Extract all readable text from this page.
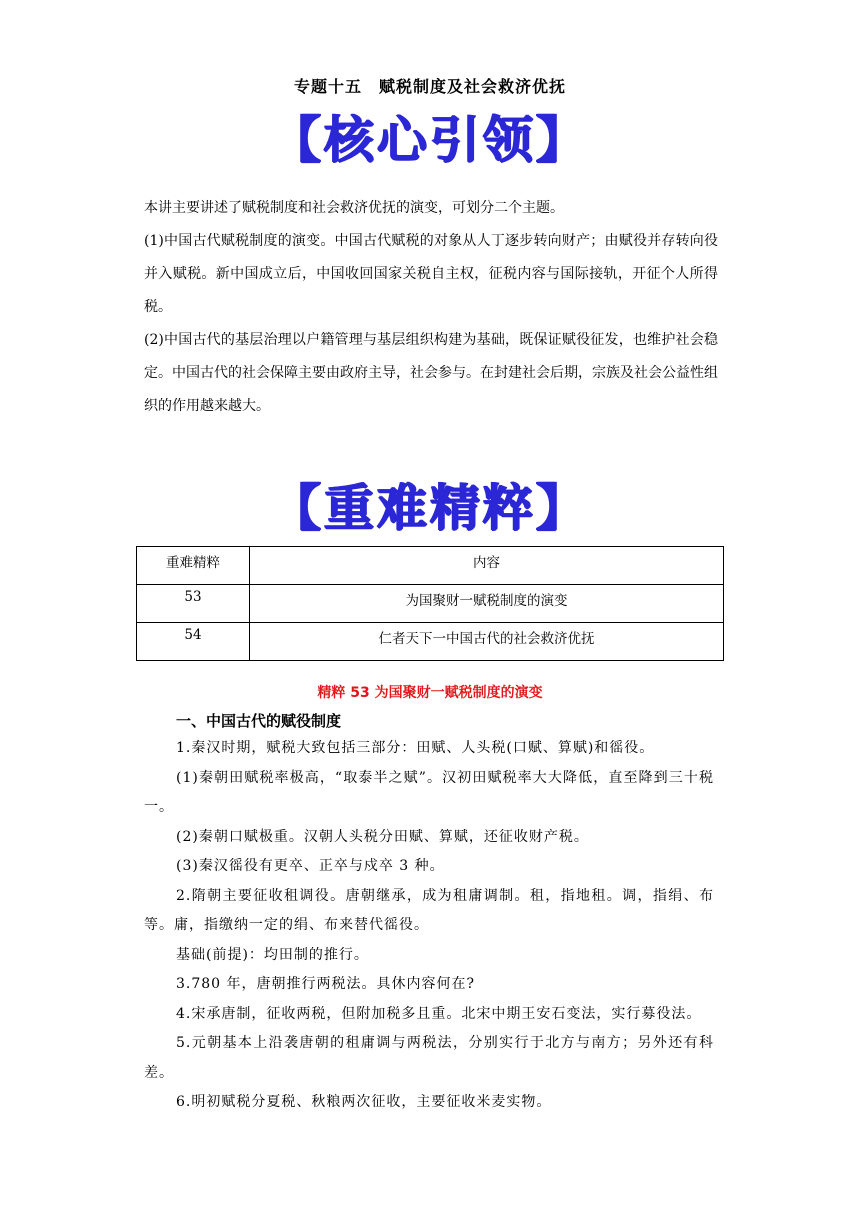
专题十五　赋税制度及社会救济优抚
【核心引领】

本讲主要讲述了赋税制度和社会救济优抚的演变，可划分二个主题。

(1)中国古代赋税制度的演变。中国古代赋税的对象从人丁逐步转向财产；由赋役并存转向役并入赋税。新中国成立后，中国收回国家关税自主权，征税内容与国际接轨，开征个人所得税。

(2)中国古代的基层治理以户籍管理与基层组织构建为基础，既保证赋役征发，也维护社会稳定。中国古代的社会保障主要由政府主导，社会参与。在封建社会后期，宗族及社会公益性组织的作用越来越大。

【重难精粹】
重难精粹	内容
53	为国聚财一赋税制度的演变
54	仁者天下一中国古代的社会救济优抚
精粹 53 为国聚财一赋税制度的演变
一、中国古代的赋役制度

1.秦汉时期，赋税大致包括三部分：田赋、人头税(口赋、算赋)和徭役。

(1)秦朝田赋税率极高，“取泰半之赋”。汉初田赋税率大大降低，直至降到三十税一。

(2)秦朝口赋极重。汉朝人头税分田赋、算赋，还征收财产税。

(3)秦汉徭役有更卒、正卒与戍卒 3 种。

2.隋朝主要征收租调役。唐朝继承，成为租庸调制。租，指地租。调，指绢、布等。庸，指缴纳一定的绢、布来替代徭役。

基础(前提)：均田制的推行。

3.780 年，唐朝推行两税法。具休内容何在?

4.宋承唐制，征收两税，但附加税多且重。北宋中期王安石变法，实行募役法。

5.元朝基本上沿袭唐朝的租庸调与两税法，分别实行于北方与南方；另外还有科差。

6.明初赋税分夏税、秋粮两次征收，主要征收米麦实物。
